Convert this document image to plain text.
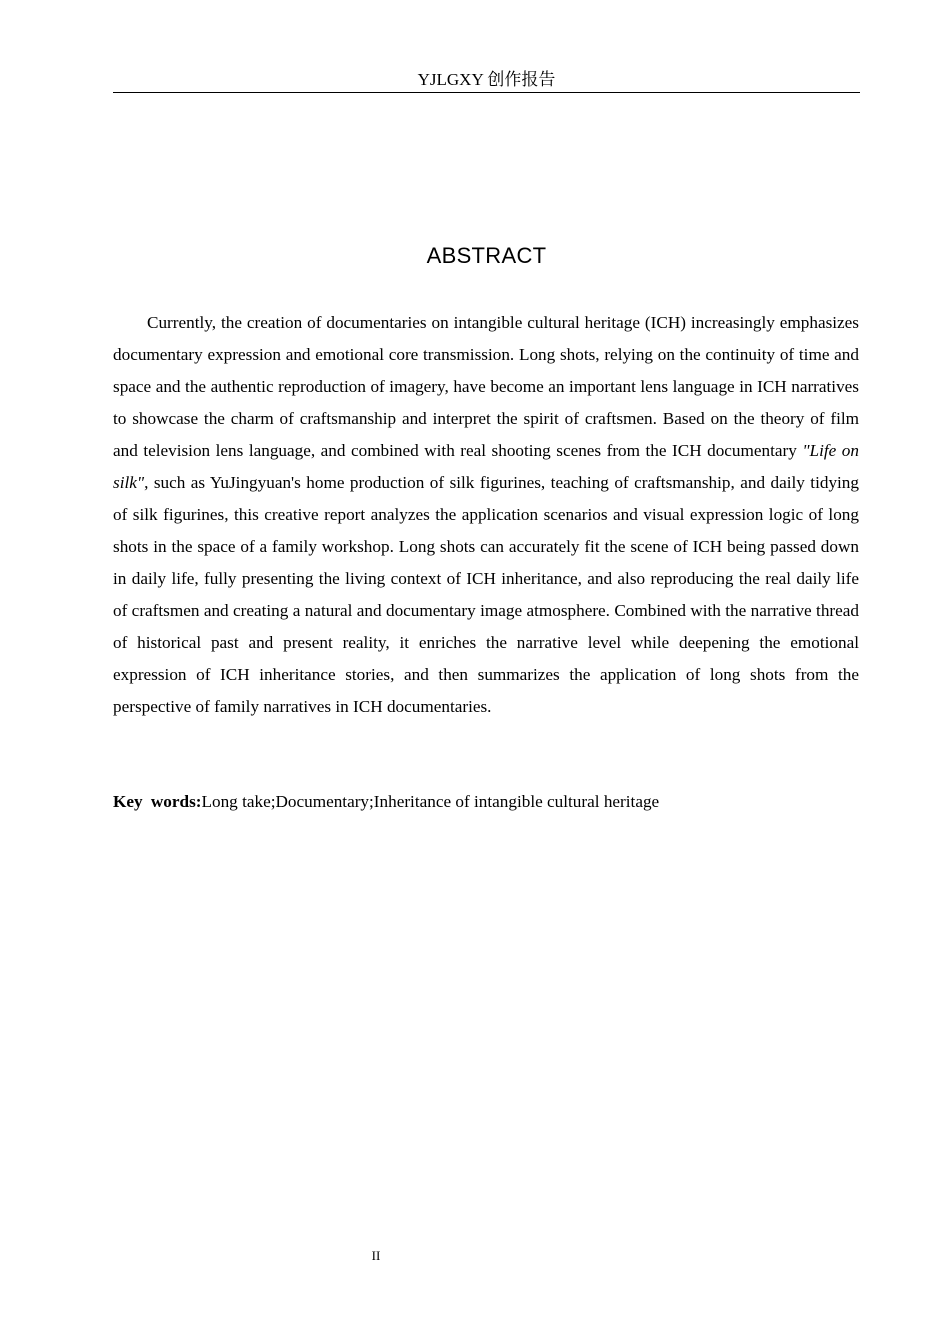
YJLGXY 创作报告
ABSTRACT

Currently, the creation of documentaries on intangible cultural heritage (ICH) increasingly emphasizes documentary expression and emotional core transmission. Long shots, relying on the continuity of time and space and the authentic reproduction of imagery, have become an important lens language in ICH narratives to showcase the charm of craftsmanship and interpret the spirit of craftsmen. Based on the theory of film and television lens language, and combined with real shooting scenes from the ICH documentary "Life on silk", such as YuJingyuan's home production of silk figurines, teaching of craftsmanship, and daily tidying of silk figurines, this creative report analyzes the application scenarios and visual expression logic of long shots in the space of a family workshop. Long shots can accurately fit the scene of ICH being passed down in daily life, fully presenting the living context of ICH inheritance, and also reproducing the real daily life of craftsmen and creating a natural and documentary image atmosphere. Combined with the narrative thread of historical past and present reality, it enriches the narrative level while deepening the emotional expression of ICH inheritance stories, and then summarizes the application of long shots from the perspective of family narratives in ICH documentaries.

Key words:Long take;Documentary;Inheritance of intangible cultural heritage

II
